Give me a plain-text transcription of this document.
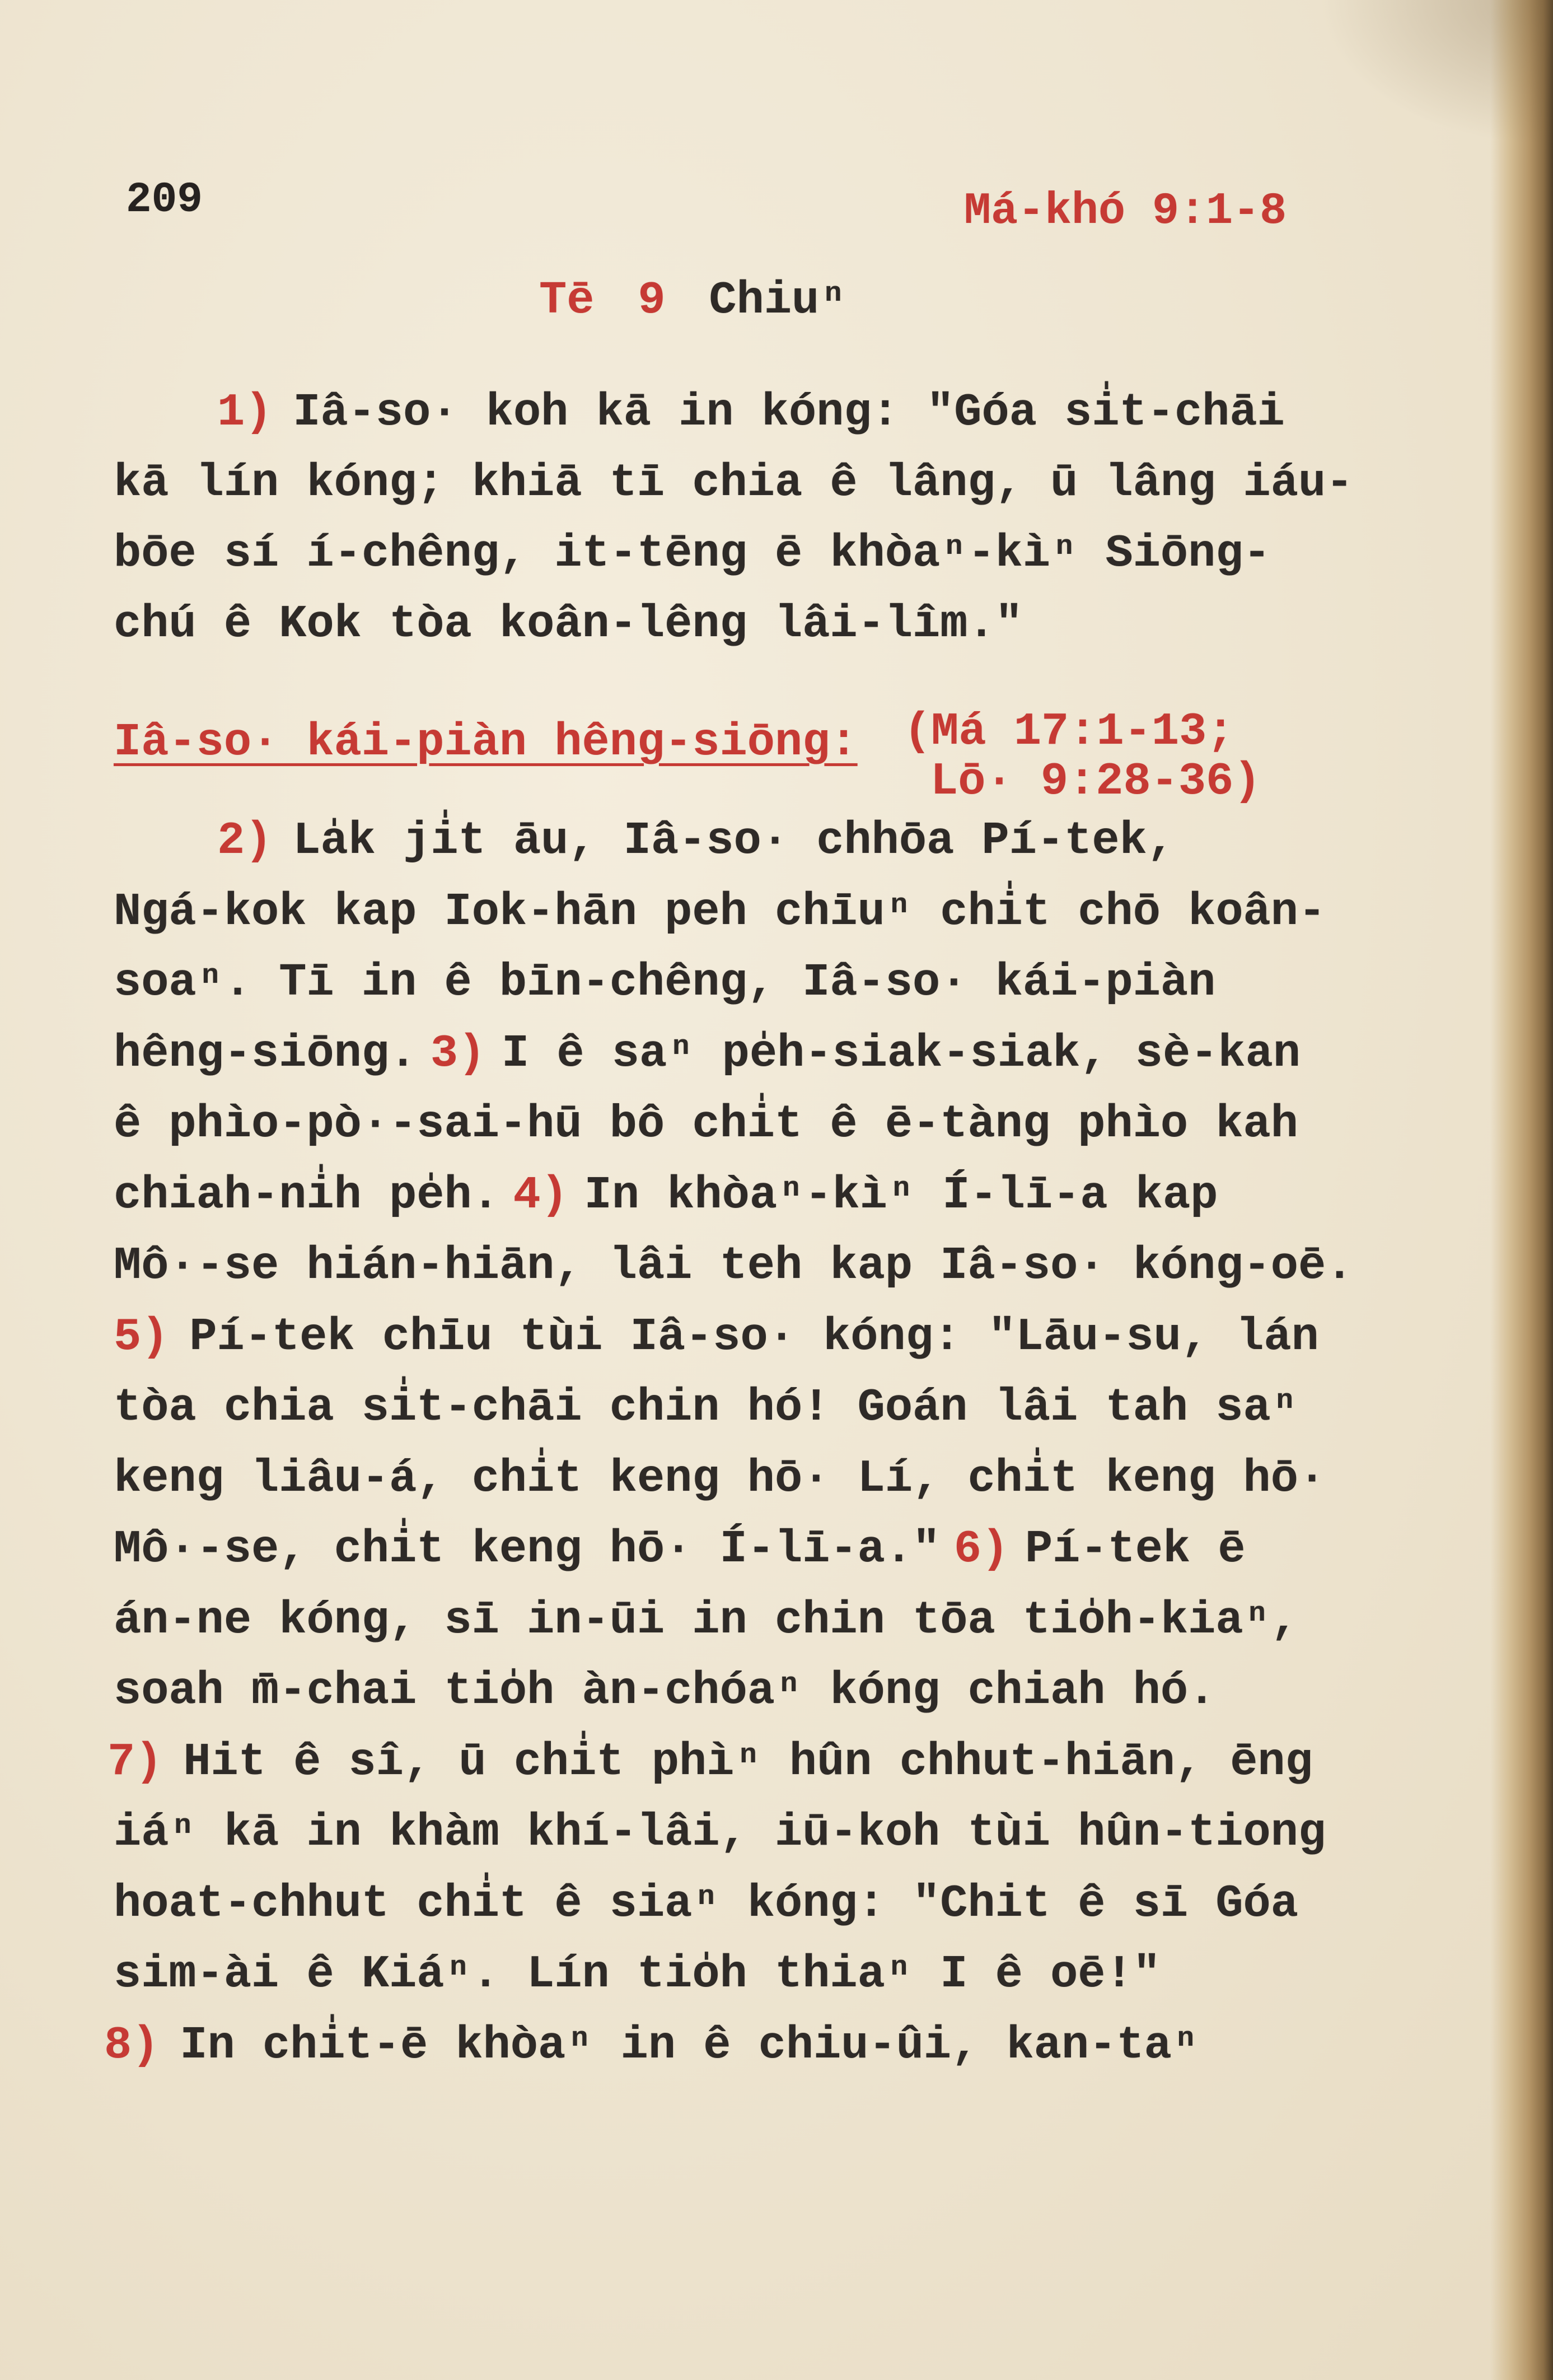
209	Má-khó 9:1-8
Tē 9 Chiuⁿ
1) Iâ-so· koh kā in kóng: "Góa si̍t-chāi
kā lín kóng; khiā tī chia ê lâng, ū lâng iáu-
bōe sí í-chêng, it-tēng ē khòaⁿ-kìⁿ Siōng-
chú ê Kok tòa koân-lêng lâi-lîm."
Iâ-so· kái-piàn hêng-siōng: (Má 17:1-13;
Lō· 9:28-36)
2) La̍k ji̍t āu, Iâ-so· chhōa Pí-tek,
Ngá-kok kap Iok-hān peh chīuⁿ chi̍t chō koân-
soaⁿ. Tī in ê bīn-chêng, Iâ-so· kái-piàn
hêng-siōng. 3) I ê saⁿ pe̍h-siak-siak, sè-kan
ê phìo-pò·-sai-hū bô chi̍t ê ē-tàng phìo kah
chiah-ni̍h pe̍h. 4) In khòaⁿ-kìⁿ Í-lī-a kap
Mô·-se hián-hiān, lâi teh kap Iâ-so· kóng-oē.
5) Pí-tek chīu tùi Iâ-so· kóng: "Lāu-su, lán
tòa chia si̍t-chāi chin hó! Goán lâi tah saⁿ
keng liâu-á, chi̍t keng hō· Lí, chi̍t keng hō·
Mô·-se, chi̍t keng hō· Í-lī-a." 6) Pí-tek ē
án-ne kóng, sī in-ūi in chin tōa tio̍h-kiaⁿ,
soah m̄-chai tio̍h àn-chóaⁿ kóng chiah hó.
7) Hit ê sî, ū chi̍t phìⁿ hûn chhut-hiān, ēng
iáⁿ kā in khàm khí-lâi, iū-koh tùi hûn-tiong
hoat-chhut chi̍t ê siaⁿ kóng: "Chit ê sī Góa
sim-ài ê Kiáⁿ. Lín tio̍h thiaⁿ I ê oē!"
8) In chi̍t-ē khòaⁿ in ê chiu-ûi, kan-taⁿ
